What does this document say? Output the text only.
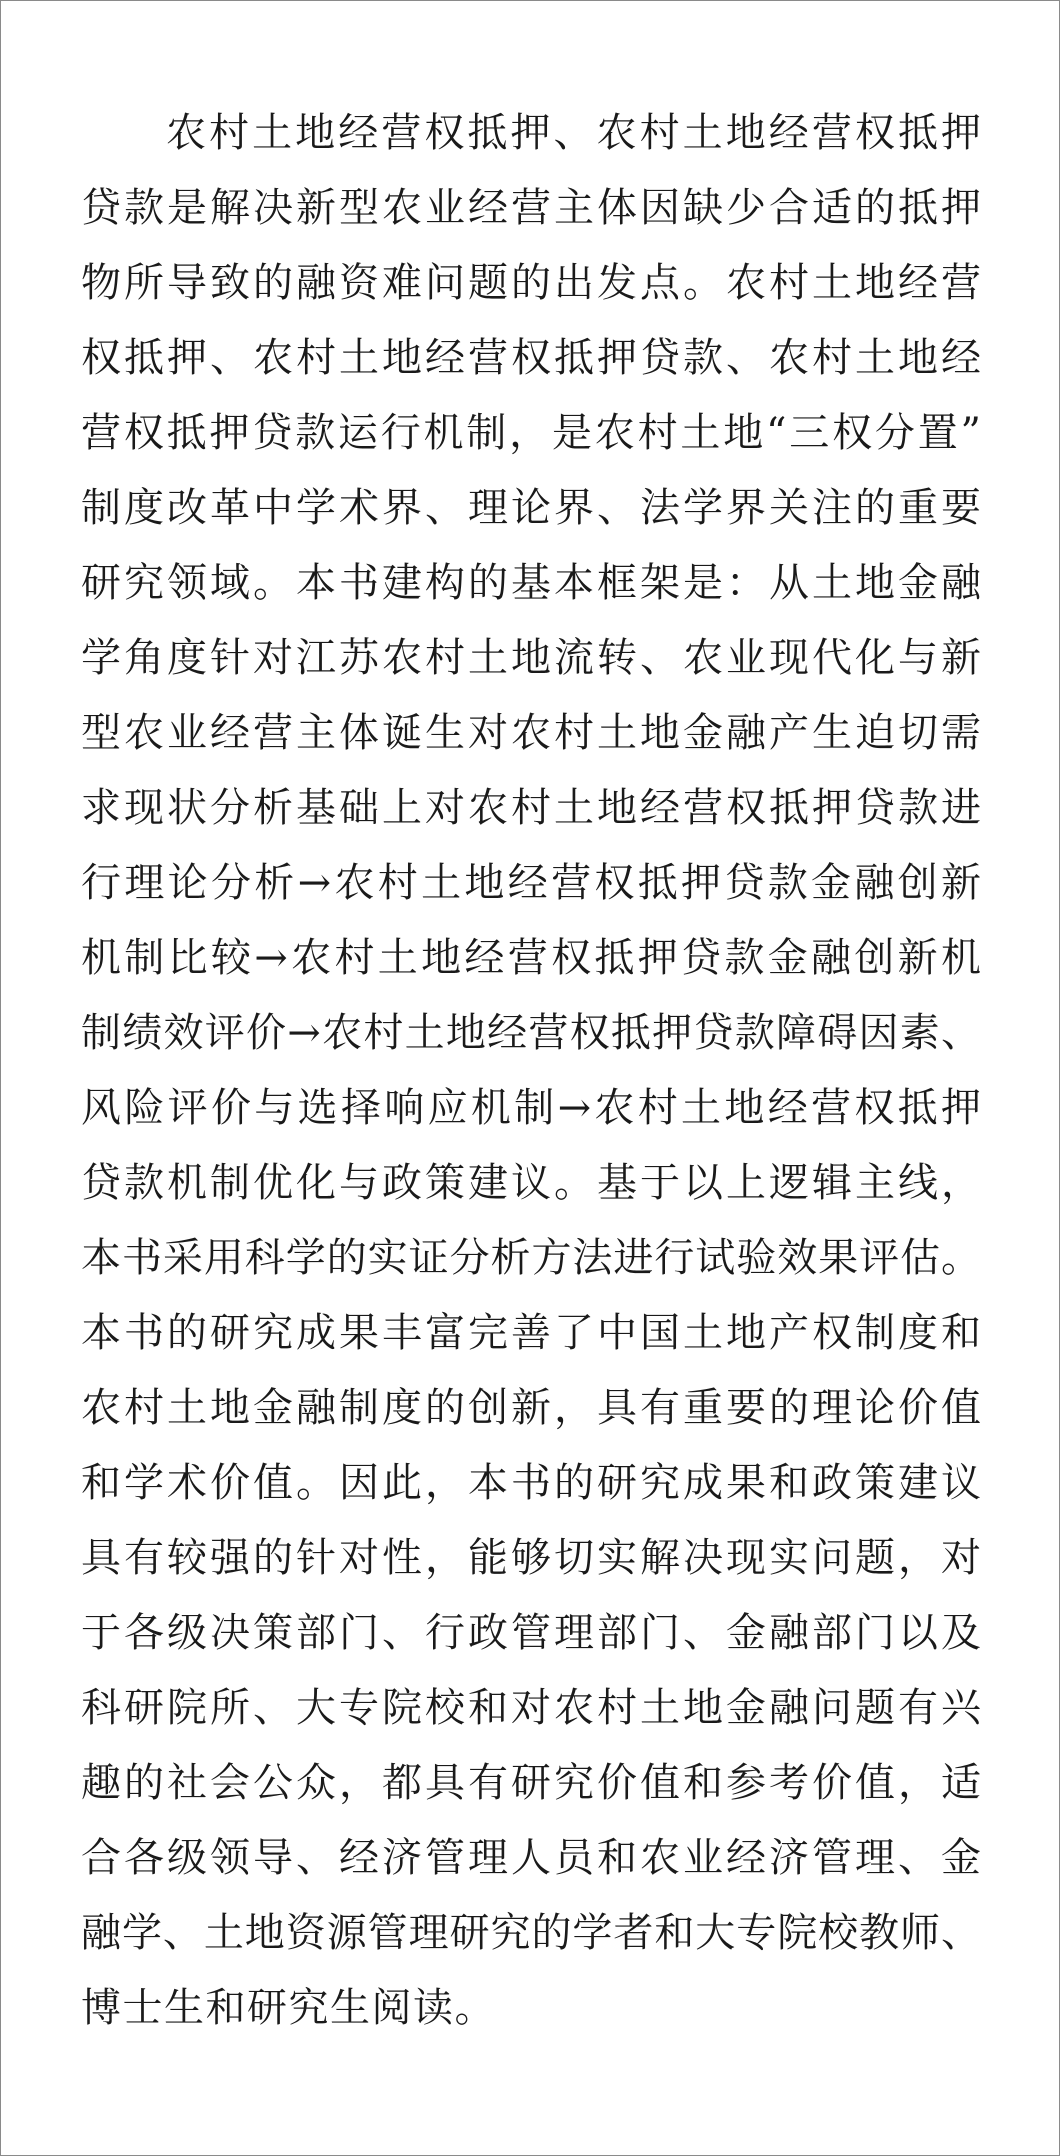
农村土地经营权抵押、农村土地经营权抵押
贷款是解决新型农业经营主体因缺少合适的抵押
物所导致的融资难问题的出发点。农村土地经营
权抵押、农村土地经营权抵押贷款、农村土地经
营权抵押贷款运行机制，是农村土地“三权分置”
制度改革中学术界、理论界、法学界关注的重要
研究领域。本书建构的基本框架是：从土地金融
学角度针对江苏农村土地流转、农业现代化与新
型农业经营主体诞生对农村土地金融产生迫切需
求现状分析基础上对农村土地经营权抵押贷款进
行理论分析→农村土地经营权抵押贷款金融创新
机制比较→农村土地经营权抵押贷款金融创新机
制绩效评价→农村土地经营权抵押贷款障碍因素、
风险评价与选择响应机制→农村土地经营权抵押
贷款机制优化与政策建议。基于以上逻辑主线，
本书采用科学的实证分析方法进行试验效果评估。
本书的研究成果丰富完善了中国土地产权制度和
农村土地金融制度的创新，具有重要的理论价值
和学术价值。因此，本书的研究成果和政策建议
具有较强的针对性，能够切实解决现实问题，对
于各级决策部门、行政管理部门、金融部门以及
科研院所、大专院校和对农村土地金融问题有兴
趣的社会公众，都具有研究价值和参考价值，适
合各级领导、经济管理人员和农业经济管理、金
融学、土地资源管理研究的学者和大专院校教师、
博士生和研究生阅读。
